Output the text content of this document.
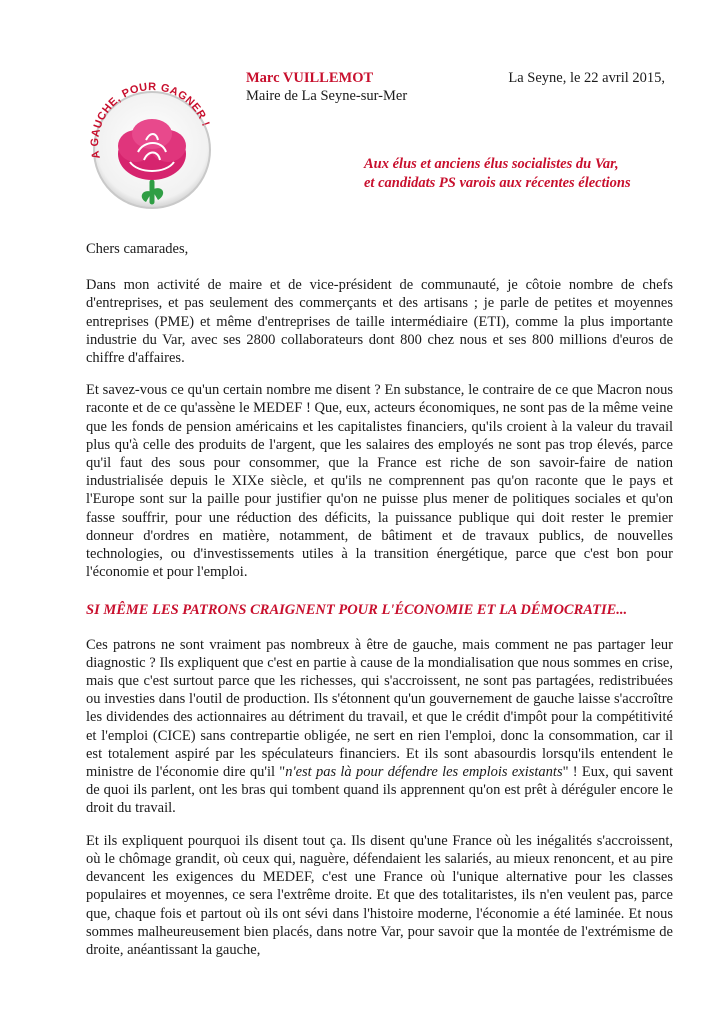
A GAUCHE, POUR GAGNER !
Marc VUILLEMOT
Maire de La Seyne-sur-Mer
La Seyne, le 22 avril 2015,
Aux élus et anciens élus socialistes du Var,
et candidats PS varois aux récentes élections

Chers camarades,

Dans mon activité de maire et de vice-président de communauté, je côtoie nombre de chefs d'entreprises, et pas seulement des commerçants et des artisans ; je parle de petites et moyennes entreprises (PME) et même d'entreprises de taille intermédiaire (ETI), comme la plus importante industrie du Var, avec ses 2800 collaborateurs dont 800 chez nous et ses 800 millions d'euros de chiffre d'affaires.

Et savez-vous ce qu'un certain nombre me disent ? En substance, le contraire de ce que Macron nous raconte et de ce qu'assène le MEDEF ! Que, eux, acteurs économiques, ne sont pas de la même veine que les fonds de pension américains et les capitalistes financiers, qu'ils croient à la valeur du travail plus qu'à celle des produits de l'argent, que les salaires des employés ne sont pas trop élevés, parce qu'il faut des sous pour consommer, que la France est riche de son savoir-faire de nation industrialisée depuis le XIXe siècle, et qu'ils ne comprennent pas qu'on raconte que le pays et l'Europe sont sur la paille pour justifier qu'on ne puisse plus mener de politiques sociales et qu'on fasse souffrir, pour une réduction des déficits, la puissance publique qui doit rester le premier donneur d'ordres en matière, notamment, de bâtiment et de travaux publics, de nouvelles technologies, ou d'investissements utiles à la transition énergétique, parce que c'est bon pour l'économie et pour l'emploi.

SI MÊME LES PATRONS CRAIGNENT POUR L'ÉCONOMIE ET LA DÉMOCRATIE...

Ces patrons ne sont vraiment pas nombreux à être de gauche, mais comment ne pas partager leur diagnostic ? Ils expliquent que c'est en partie à cause de la mondialisation que nous sommes en crise, mais que c'est surtout parce que les richesses, qui s'accroissent, ne sont pas partagées, redistribuées ou investies dans l'outil de production. Ils s'étonnent qu'un gouvernement de gauche laisse s'accroître les dividendes des actionnaires au détriment du travail, et que le crédit d'impôt pour la compétitivité et l'emploi (CICE) sans contrepartie obligée, ne sert en rien l'emploi, donc la consommation, car il est totalement aspiré par les spéculateurs financiers. Et ils sont abasourdis lorsqu'ils entendent le ministre de l'économie dire qu'il "n'est pas là pour défendre les emplois existants" ! Eux, qui savent de quoi ils parlent, ont les bras qui tombent quand ils apprennent qu'on est prêt à déréguler encore le droit du travail.

Et ils expliquent pourquoi ils disent tout ça. Ils disent qu'une France où les inégalités s'accroissent, où le chômage grandit, où ceux qui, naguère, défendaient les salariés, au mieux renoncent, et au pire devancent les exigences du MEDEF, c'est une France où l'unique alternative pour les classes populaires et moyennes, ce sera l'extrême droite. Et que des totalitaristes, ils n'en veulent pas, parce que, chaque fois et partout où ils ont sévi dans l'histoire moderne, l'économie a été laminée. Et nous sommes malheureusement bien placés, dans notre Var, pour savoir que la montée de l'extrémisme de droite, anéantissant la gauche,
